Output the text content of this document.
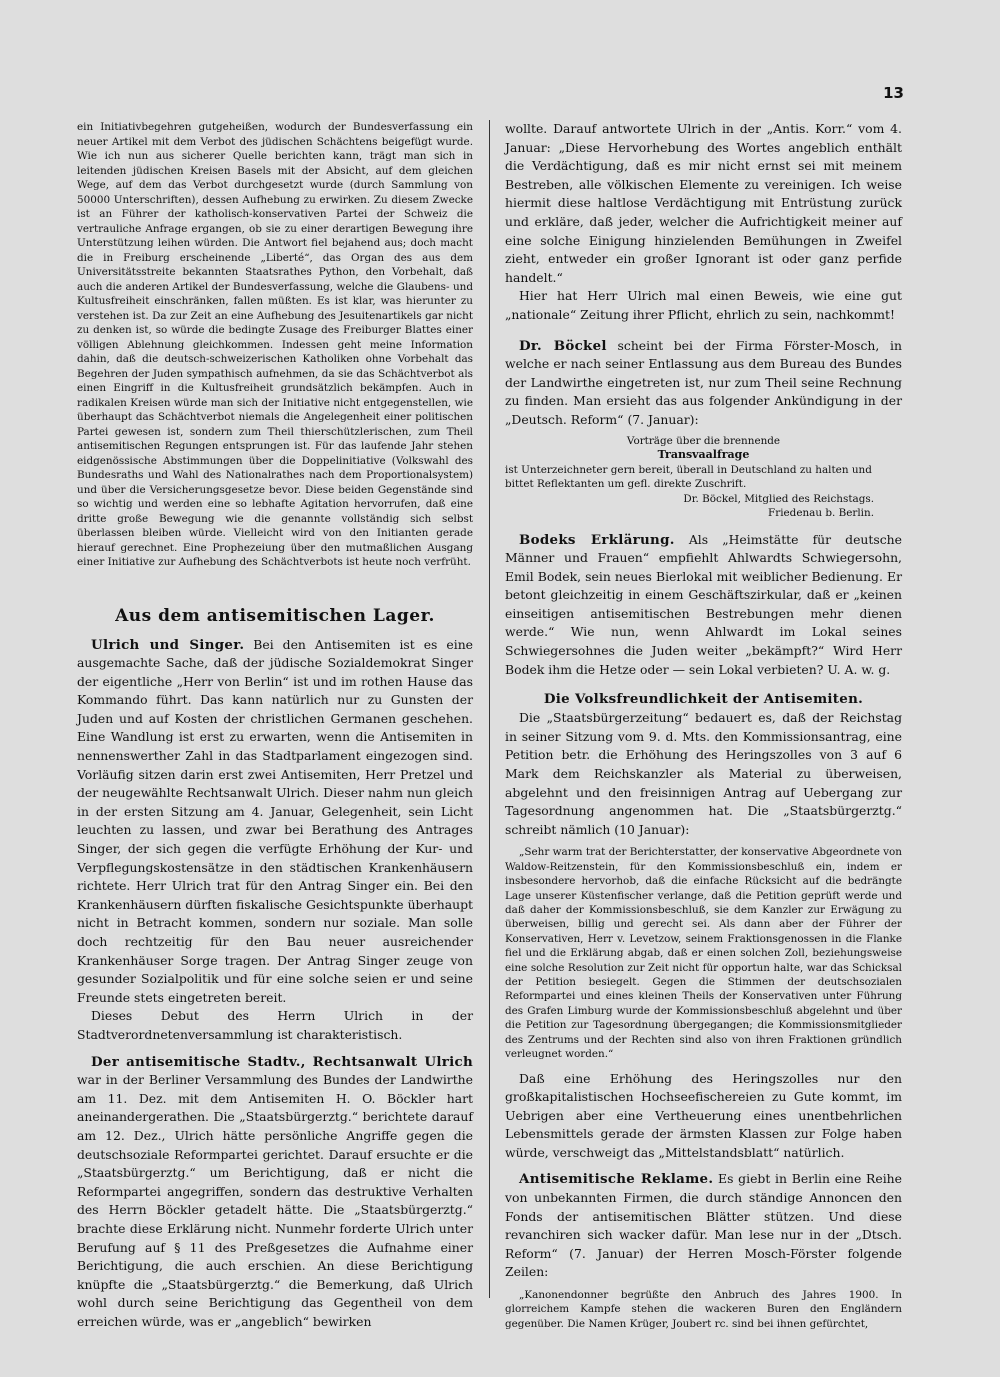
13

ein Initiativbegehren gutgeheißen, wodurch der Bundesverfassung ein neuer Artikel mit dem Verbot des jüdischen Schächtens beigefügt wurde. Wie ich nun aus sicherer Quelle berichten kann, trägt man sich in leitenden jüdischen Kreisen Basels mit der Absicht, auf dem gleichen Wege, auf dem das Verbot durchgesetzt wurde (durch Sammlung von 50000 Unterschriften), dessen Aufhebung zu erwirken. Zu diesem Zwecke ist an Führer der katholisch-konservativen Partei der Schweiz die vertrauliche Anfrage ergangen, ob sie zu einer derartigen Bewegung ihre Unterstützung leihen würden. Die Antwort fiel bejahend aus; doch macht die in Freiburg erscheinende „Liberté“, das Organ des aus dem Universitätsstreite bekannten Staatsrathes Python, den Vorbehalt, daß auch die anderen Artikel der Bundesverfassung, welche die Glaubens- und Kultusfreiheit einschränken, fallen müßten. Es ist klar, was hierunter zu verstehen ist. Da zur Zeit an eine Aufhebung des Jesuitenartikels gar nicht zu denken ist, so würde die bedingte Zusage des Freiburger Blattes einer völligen Ablehnung gleichkommen. Indessen geht meine Information dahin, daß die deutsch-schweizerischen Katholiken ohne Vorbehalt das Begehren der Juden sympathisch aufnehmen, da sie das Schächtverbot als einen Eingriff in die Kultusfreiheit grundsätzlich bekämpfen. Auch in radikalen Kreisen würde man sich der Initiative nicht entgegenstellen, wie überhaupt das Schächtverbot niemals die Angelegenheit einer politischen Partei gewesen ist, sondern zum Theil thierschützlerischen, zum Theil antisemitischen Regungen entsprungen ist. Für das laufende Jahr stehen eidgenössische Abstimmungen über die Doppelinitiative (Volkswahl des Bundesraths und Wahl des Nationalrathes nach dem Proportionalsystem) und über die Versicherungsgesetze bevor. Diese beiden Gegenstände sind so wichtig und werden eine so lebhafte Agitation hervorrufen, daß eine dritte große Bewegung wie die genannte vollständig sich selbst überlassen bleiben würde. Vielleicht wird von den Initianten gerade hierauf gerechnet. Eine Prophezeiung über den mutmaßlichen Ausgang einer Initiative zur Aufhebung des Schächtverbots ist heute noch verfrüht.

Aus dem antisemitischen Lager.

Ulrich und Singer. Bei den Antisemiten ist es eine ausgemachte Sache, daß der jüdische Sozialdemokrat Singer der eigentliche „Herr von Berlin“ ist und im rothen Hause das Kommando führt. Das kann natürlich nur zu Gunsten der Juden und auf Kosten der christlichen Germanen geschehen. Eine Wandlung ist erst zu erwarten, wenn die Antisemiten in nennenswerther Zahl in das Stadtparlament eingezogen sind. Vorläufig sitzen darin erst zwei Antisemiten, Herr Pretzel und der neugewählte Rechtsanwalt Ulrich. Dieser nahm nun gleich in der ersten Sitzung am 4. Januar, Gelegenheit, sein Licht leuchten zu lassen, und zwar bei Berathung des Antrages Singer, der sich gegen die verfügte Erhöhung der Kur- und Verpflegungskostensätze in den städtischen Krankenhäusern richtete. Herr Ulrich trat für den Antrag Singer ein. Bei den Krankenhäusern dürften fiskalische Gesichtspunkte überhaupt nicht in Betracht kommen, sondern nur soziale. Man solle doch rechtzeitig für den Bau neuer ausreichender Krankenhäuser Sorge tragen. Der Antrag Singer zeuge von gesunder Sozialpolitik und für eine solche seien er und seine Freunde stets eingetreten bereit.

Dieses Debut des Herrn Ulrich in der Stadtverordnetenversammlung ist charakteristisch.

Der antisemitische Stadtv., Rechtsanwalt Ulrich war in der Berliner Versammlung des Bundes der Landwirthe am 11. Dez. mit dem Antisemiten H. O. Böckler hart aneinandergerathen. Die „Staatsbürgerztg.“ berichtete darauf am 12. Dez., Ulrich hätte persönliche Angriffe gegen die deutschsoziale Reformpartei gerichtet. Darauf ersuchte er die „Staatsbürgerztg.“ um Berichtigung, daß er nicht die Reformpartei angegriffen, sondern das destruktive Verhalten des Herrn Böckler getadelt hätte. Die „Staatsbürgerztg.“ brachte diese Erklärung nicht. Nunmehr forderte Ulrich unter Berufung auf § 11 des Preßgesetzes die Aufnahme einer Berichtigung, die auch erschien. An diese Berichtigung knüpfte die „Staatsbürgerztg.“ die Bemerkung, daß Ulrich wohl durch seine Berichtigung das Gegentheil von dem erreichen würde, was er „angeblich“ bewirken

wollte. Darauf antwortete Ulrich in der „Antis. Korr.“ vom 4. Januar: „Diese Hervorhebung des Wortes angeblich enthält die Verdächtigung, daß es mir nicht ernst sei mit meinem Bestreben, alle völkischen Elemente zu vereinigen. Ich weise hiermit diese haltlose Verdächtigung mit Entrüstung zurück und erkläre, daß jeder, welcher die Aufrichtigkeit meiner auf eine solche Einigung hinzielenden Bemühungen in Zweifel zieht, entweder ein großer Ignorant ist oder ganz perfide handelt.“

Hier hat Herr Ulrich mal einen Beweis, wie eine gut „nationale“ Zeitung ihrer Pflicht, ehrlich zu sein, nachkommt!

Dr. Böckel scheint bei der Firma Förster-Mosch, in welche er nach seiner Entlassung aus dem Bureau des Bundes der Landwirthe eingetreten ist, nur zum Theil seine Rechnung zu finden. Man ersieht das aus folgender Ankündigung in der „Deutsch. Reform“ (7. Januar):

Vorträge über die brennende
Transvaalfrage
ist Unterzeichneter gern bereit, überall in Deutschland zu halten und bittet Reflektanten um gefl. direkte Zuschrift.
Dr. Böckel, Mitglied des Reichstags.
Friedenau b. Berlin.

Bodeks Erklärung. Als „Heimstätte für deutsche Männer und Frauen“ empfiehlt Ahlwardts Schwiegersohn, Emil Bodek, sein neues Bierlokal mit weiblicher Bedienung. Er betont gleichzeitig in einem Geschäftszirkular, daß er „keinen einseitigen antisemitischen Bestrebungen mehr dienen werde.“ Wie nun, wenn Ahlwardt im Lokal seines Schwiegersohnes die Juden weiter „bekämpft?“ Wird Herr Bodek ihm die Hetze oder — sein Lokal verbieten? U. A. w. g.

Die Volksfreundlichkeit der Antisemiten.

Die „Staatsbürgerzeitung“ bedauert es, daß der Reichstag in seiner Sitzung vom 9. d. Mts. den Kommissionsantrag, eine Petition betr. die Erhöhung des Heringszolles von 3 auf 6 Mark dem Reichskanzler als Material zu überweisen, abgelehnt und den freisinnigen Antrag auf Uebergang zur Tagesordnung angenommen hat. Die „Staatsbürgerztg.“ schreibt nämlich (10 Januar):

„Sehr warm trat der Berichterstatter, der konservative Abgeordnete von Waldow-Reitzenstein, für den Kommissionsbeschluß ein, indem er insbesondere hervorhob, daß die einfache Rücksicht auf die bedrängte Lage unserer Küstenfischer verlange, daß die Petition geprüft werde und daß daher der Kommissionsbeschluß, sie dem Kanzler zur Erwägung zu überweisen, billig und gerecht sei. Als dann aber der Führer der Konservativen, Herr v. Levetzow, seinem Fraktionsgenossen in die Flanke fiel und die Erklärung abgab, daß er einen solchen Zoll, beziehungsweise eine solche Resolution zur Zeit nicht für opportun halte, war das Schicksal der Petition besiegelt. Gegen die Stimmen der deutschsozialen Reformpartei und eines kleinen Theils der Konservativen unter Führung des Grafen Limburg wurde der Kommissionsbeschluß abgelehnt und über die Petition zur Tagesordnung übergegangen; die Kommissionsmitglieder des Zentrums und der Rechten sind also von ihren Fraktionen gründlich verleugnet worden.“

Daß eine Erhöhung des Heringszolles nur den großkapitalistischen Hochseefischereien zu Gute kommt, im Uebrigen aber eine Vertheuerung eines unentbehrlichen Lebensmittels gerade der ärmsten Klassen zur Folge haben würde, verschweigt das „Mittelstandsblatt“ natürlich.

Antisemitische Reklame. Es giebt in Berlin eine Reihe von unbekannten Firmen, die durch ständige Annoncen den Fonds der antisemitischen Blätter stützen. Und diese revanchiren sich wacker dafür. Man lese nur in der „Dtsch. Reform“ (7. Januar) der Herren Mosch-Förster folgende Zeilen:

„Kanonendonner begrüßte den Anbruch des Jahres 1900. In glorreichem Kampfe stehen die wackeren Buren den Engländern gegenüber. Die Namen Krüger, Joubert rc. sind bei ihnen gefürchtet,
